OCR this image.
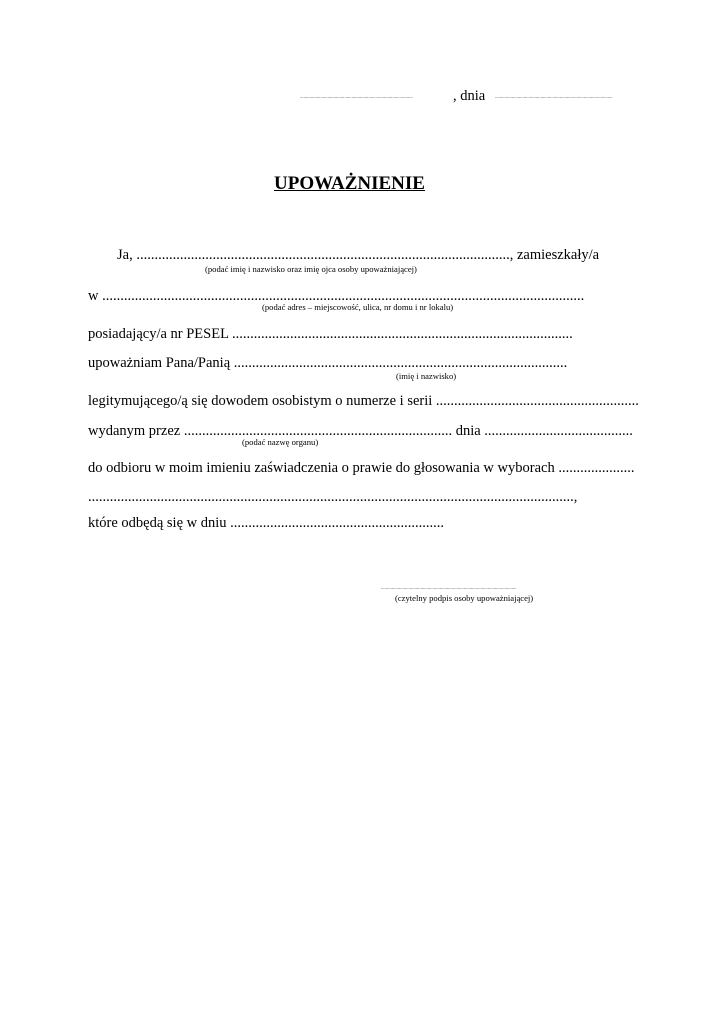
..............................................................................................	, dnia ..................................................................................................
UPOWAŻNIENIE
Ja, ......................................................................................................., zamieszkały/a
(podać imię i nazwisko oraz imię ojca osoby upoważniającej)
w .....................................................................................................................................
(podać adres – miejscowość, ulica, nr domu i nr lokalu)
posiadający/a nr PESEL ..............................................................................................
upoważniam Pana/Panią ............................................................................................
(imię i nazwisko)
legitymującego/ą się dowodem osobistym o numerze i serii ........................................................
wydanym przez .......................................................................... dnia .........................................
(podać nazwę organu)
do odbioru w moim imieniu zaświadczenia o prawie do głosowania w wyborach .....................
......................................................................................................................................,
które odbędą się w dniu ...........................................................
.................................................................................................................
(czytelny podpis osoby upoważniającej)
